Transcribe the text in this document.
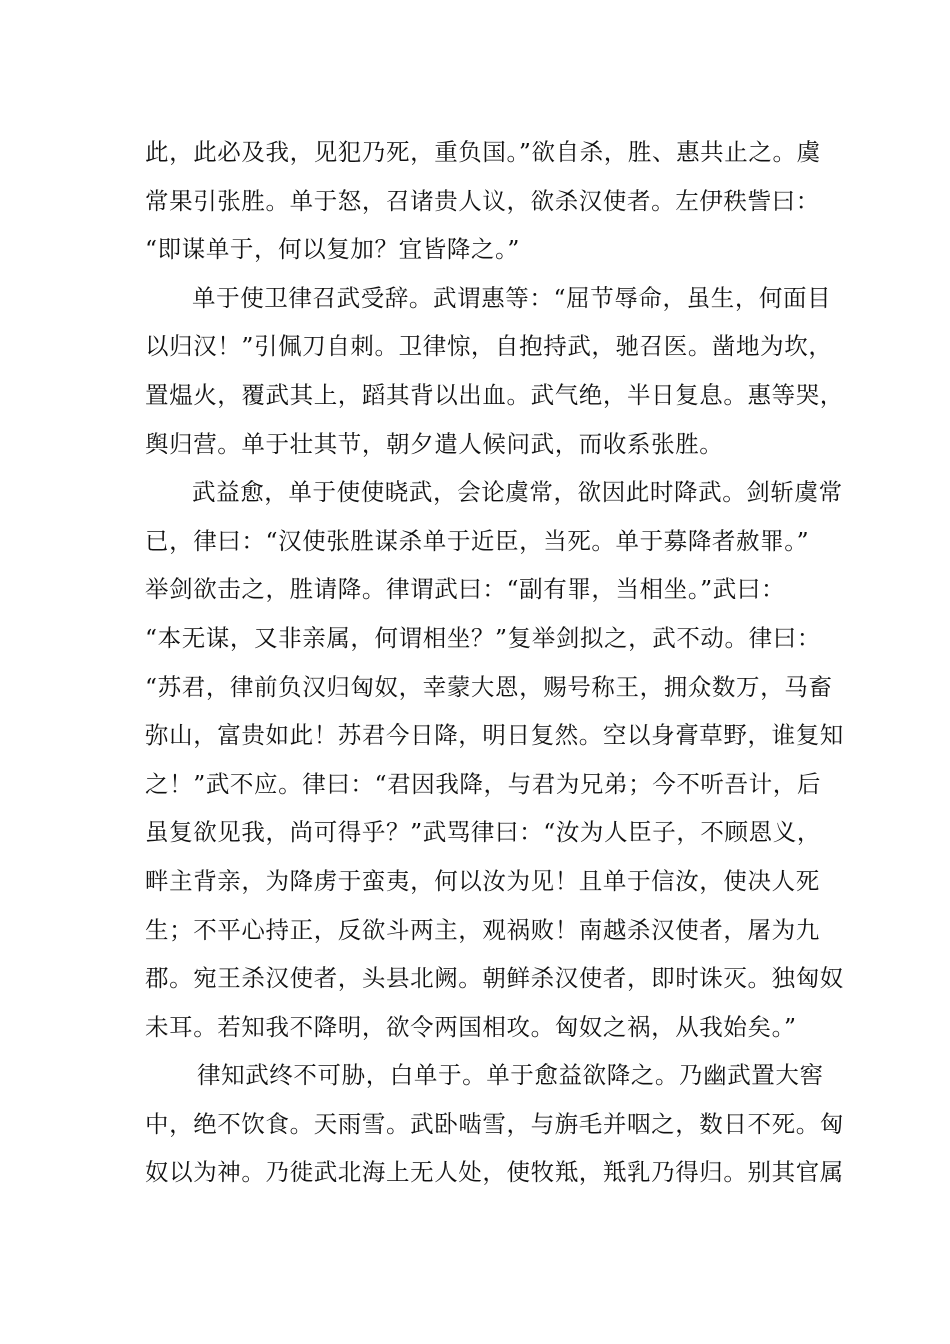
此，此必及我，见犯乃死，重负国。”欲自杀，胜、惠共止之。虞
常果引张胜。单于怒，召诸贵人议，欲杀汉使者。左伊秩訾曰：
“即谋单于，何以复加？宜皆降之。”
单于使卫律召武受辞。武谓惠等：“屈节辱命，虽生，何面目
以归汉！”引佩刀自刺。卫律惊，自抱持武，驰召医。凿地为坎，
置煴火，覆武其上，蹈其背以出血。武气绝，半日复息。惠等哭，
舆归营。单于壮其节，朝夕遣人候问武，而收系张胜。
武益愈，单于使使晓武，会论虞常，欲因此时降武。剑斩虞常
已，律曰：“汉使张胜谋杀单于近臣，当死。单于募降者赦罪。”
举剑欲击之，胜请降。律谓武曰：“副有罪，当相坐。”武曰：
“本无谋，又非亲属，何谓相坐？”复举剑拟之，武不动。律曰：
“苏君，律前负汉归匈奴，幸蒙大恩，赐号称王，拥众数万，马畜
弥山，富贵如此！苏君今日降，明日复然。空以身膏草野，谁复知
之！”武不应。律曰：“君因我降，与君为兄弟；今不听吾计，后
虽复欲见我，尚可得乎？”武骂律曰：“汝为人臣子，不顾恩义，
畔主背亲，为降虏于蛮夷，何以汝为见！且单于信汝，使决人死
生；不平心持正，反欲斗两主，观祸败！南越杀汉使者，屠为九
郡。宛王杀汉使者，头县北阙。朝鲜杀汉使者，即时诛灭。独匈奴
未耳。若知我不降明，欲令两国相攻。匈奴之祸，从我始矣。”
律知武终不可胁，白单于。单于愈益欲降之。乃幽武置大窖
中，绝不饮食。天雨雪。武卧啮雪，与旃毛并咽之，数日不死。匈
奴以为神。乃徙武北海上无人处，使牧羝，羝乳乃得归。别其官属
